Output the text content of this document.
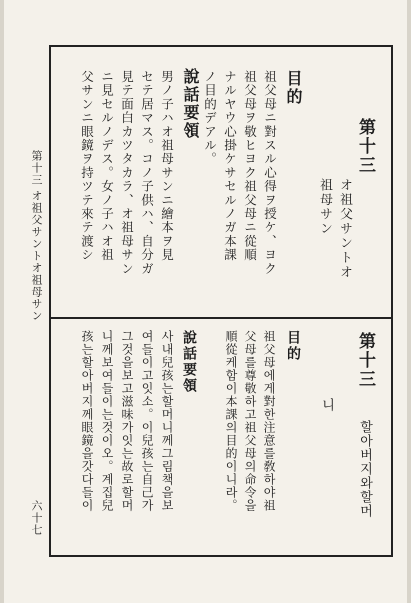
第十三
オ祖父サントオ祖母サン
六十七
第十三
オ祖父サントオ
祖母サン
目的
祖父母ニ對スル心得ヲ授ケ、ヨク
祖父母ヲ敬ヒヨク祖父母ニ從順
ナルヤウ心掛ケサセルノガ本課
ノ目的デアル。
說話要領
男ノ子ハオ祖母サンニ繪本ヲ見
セテ居マス。コノ子供ハ、自分ガ
見テ面白カツタカラ、オ祖母サン
ニ見セルノデス。女ノ子ハオ祖
父サンニ眼鏡ヲ持ツテ來テ渡シ
第十三
할아버지와할머
니
目的
祖父母에게對한注意를敎하야祖
父母를尊敬하고祖父母의命令을
順從케함이本課의目的이니라。
說話要領
사내兒孩는할머니께그림책을보
여들이고잇소。이兒孩는自己가
그것을보고滋味가잇는故로할머
니께보여들이는것이오。계집兒
孩는할아버지께眼鏡을갓다들이
